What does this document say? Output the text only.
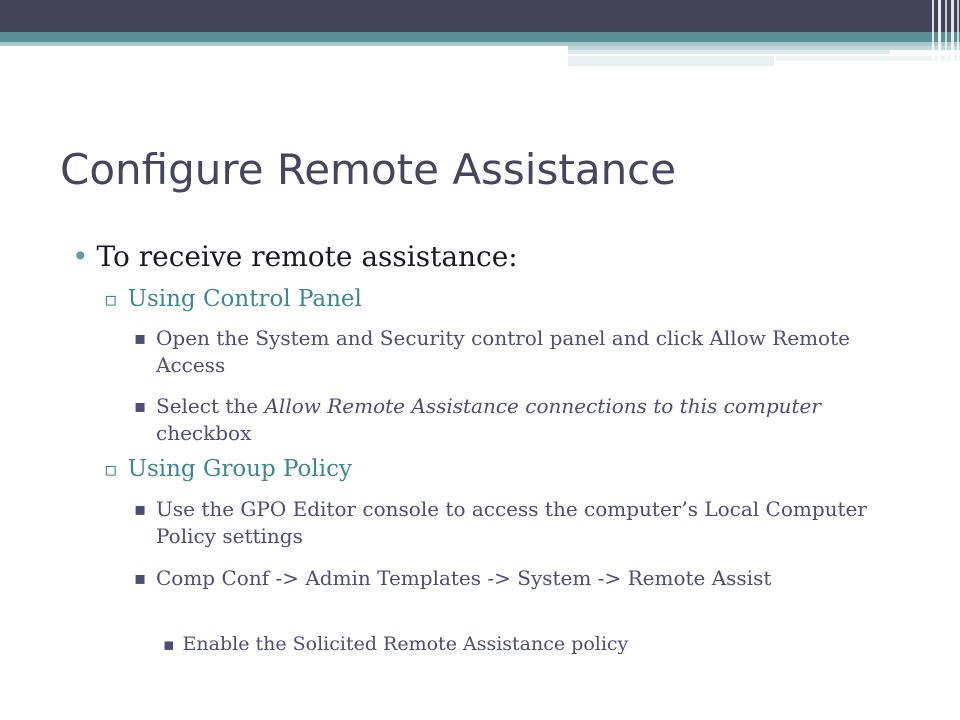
Configure Remote Assistance

• To receive remote assistance:

▫ Using Control Panel

▪ Open the System and Security control panel and click Allow Remote Access
▪ Select the Allow Remote Assistance connections to this computer checkbox

▫ Using Group Policy

▪ Use the GPO Editor console to access the computer’s Local Computer Policy settings
▪ Comp Conf -> Admin Templates -> System -> Remote Assist

▪ Enable the Solicited Remote Assistance policy
